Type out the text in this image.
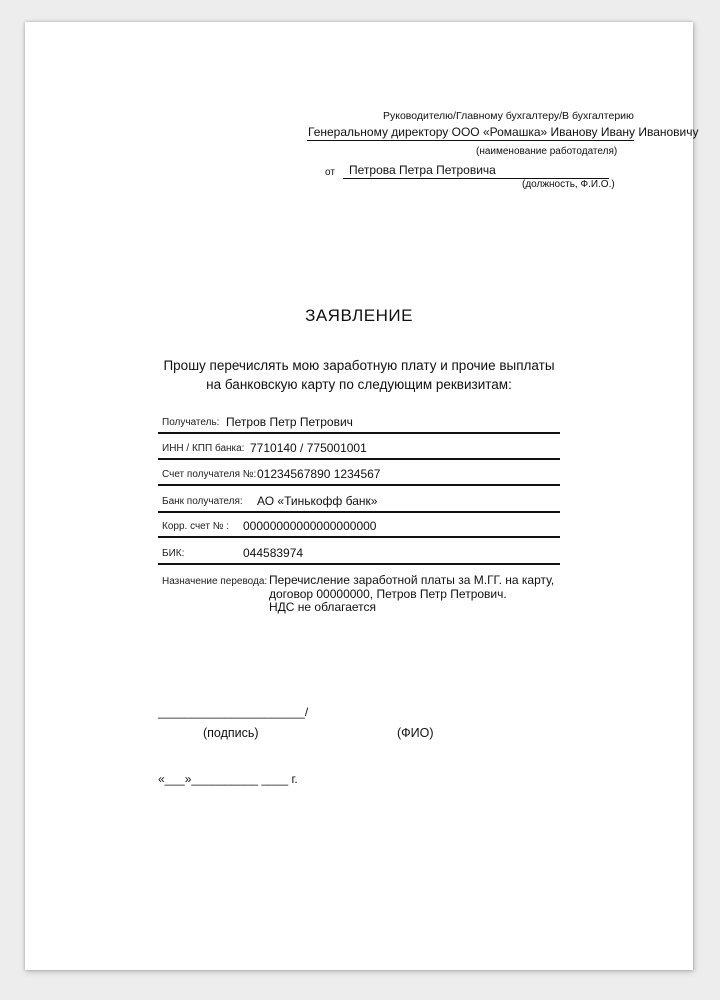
Руководителю/Главному бухгалтеру/В бухгалтерию
Генеральному директору ООО «Ромашка» Иванову Ивану Ивановичу
(наименование работодателя)
от Петрова Петра Петровича
(должность, Ф.И.О.)
ЗАЯВЛЕНИЕ
Прошу перечислять мою заработную плату и прочие выплаты
на банковскую карту по следующим реквизитам:
Получатель: Петров Петр Петрович
ИНН / КПП банка: 7710140 / 775001001
Счет получателя №: 01234567890 1234567
Банк получателя: АО «Тинькофф банк»
Корр. счет № : 00000000000000000000
БИК:	044583974
Назначение перевода: Перечисление заработной платы за М.ГГ. на карту,
договор 00000000, Петров Петр Петрович.
НДС не облагается
______________________/
(подпись)	(ФИО)
«___»__________ ____ г.
